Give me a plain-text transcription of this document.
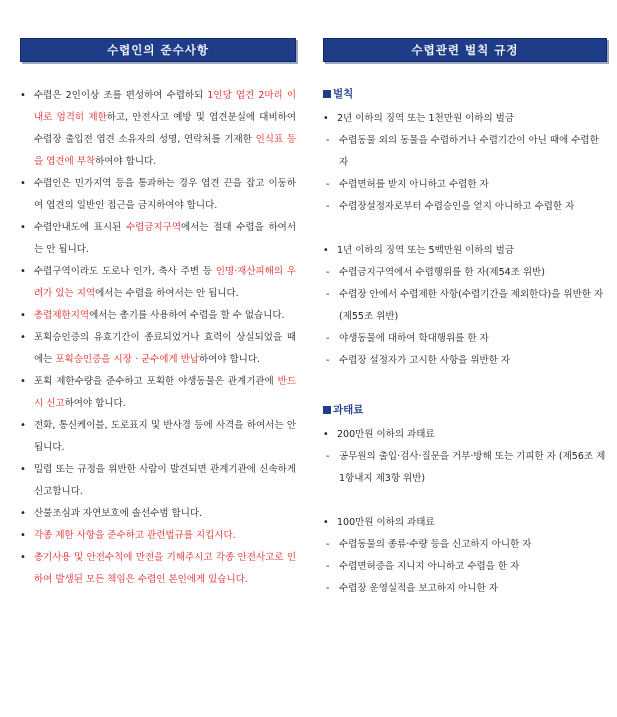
수렵인의 준수사항
• 수렵은 2인이상 조를 편성하여 수렵하되 1인당 엽견 2마리 이내로 엄격히 제한하고, 안전사고 예방 및 엽견분실에 대비하여 수렵장 출입전 엽견 소유자의 성명, 연락처를 기재한 인식표 등을 엽견에 부착하여야 합니다.
• 수렵인은 민가지역 등을 통과하는 경우 엽견 끈을 잡고 이동하여 엽견의 일반인 접근을 금지하여야 합니다.
• 수렵안내도에 표시된 수렵금지구역에서는 절대 수렵을 하여서는 안 됩니다.
• 수렵구역이라도 도로나 인가, 축사 주변 등 인명·재산피해의 우려가 있는 지역에서는 수렵을 하여서는 안 됩니다.
• 총렵제한지역에서는 총기를 사용하여 수렵을 할 수 없습니다.
• 포획승인증의 유효기간이 종료되었거나 효력이 상실되었을 때에는 포획승인증을 시장 · 군수에게 반납하여야 합니다.
• 포획 제한수량을 준수하고 포획한 야생동물은 관계기관에 반드시 신고하여야 합니다.
• 전화, 통신케이블, 도로표지 및 반사경 등에 사격을 하여서는 안 됩니다.
• 밀렵 또는 규정을 위반한 사람이 발견되면 관계기관에 신속하게 신고합니다.
• 산불조심과 자연보호에 솔선수범 합니다.
• 각종 제한 사항을 준수하고 관련법규를 지킵시다.
• 총기사용 및 안전수칙에 만전을 기해주시고 각종 안전사고로 인하여 발생된 모든 책임은 수렵인 본인에게 있습니다.
수렵관련 벌칙 규정
벌칙
• 2년 이하의 징역 또는 1천만원 이하의 벌금
- 수렵동물 외의 동물을 수렵하거나 수렵기간이 아닌 때에 수렵한 자
- 수렵면허를 받지 아니하고 수렵한 자
- 수렵장설정자로부터 수렵승인을 얻지 아니하고 수렵한 자
• 1년 이하의 징역 또는 5백만원 이하의 벌금
- 수렵금지구역에서 수렵행위를 한 자(제54조 위반)
- 수렵장 안에서 수렵제한 사항(수렵기간을 제외한다)을 위반한 자(제55조 위반)
- 야생동물에 대하여 학대행위를 한 자
- 수렵장 설정자가 고시한 사항을 위반한 자
과태료
• 200만원 이하의 과태료
- 공무원의 출입·검사·질문을 거부·방해 또는 기피한 자 (제56조 제1항내지 제3항 위반)
• 100만원 이하의 과태료
- 수렵동물의 종류·수량 등을 신고하지 아니한 자
- 수렵면허증을 지니지 아니하고 수렵을 한 자
- 수렵장 운영실적을 보고하지 아니한 자
